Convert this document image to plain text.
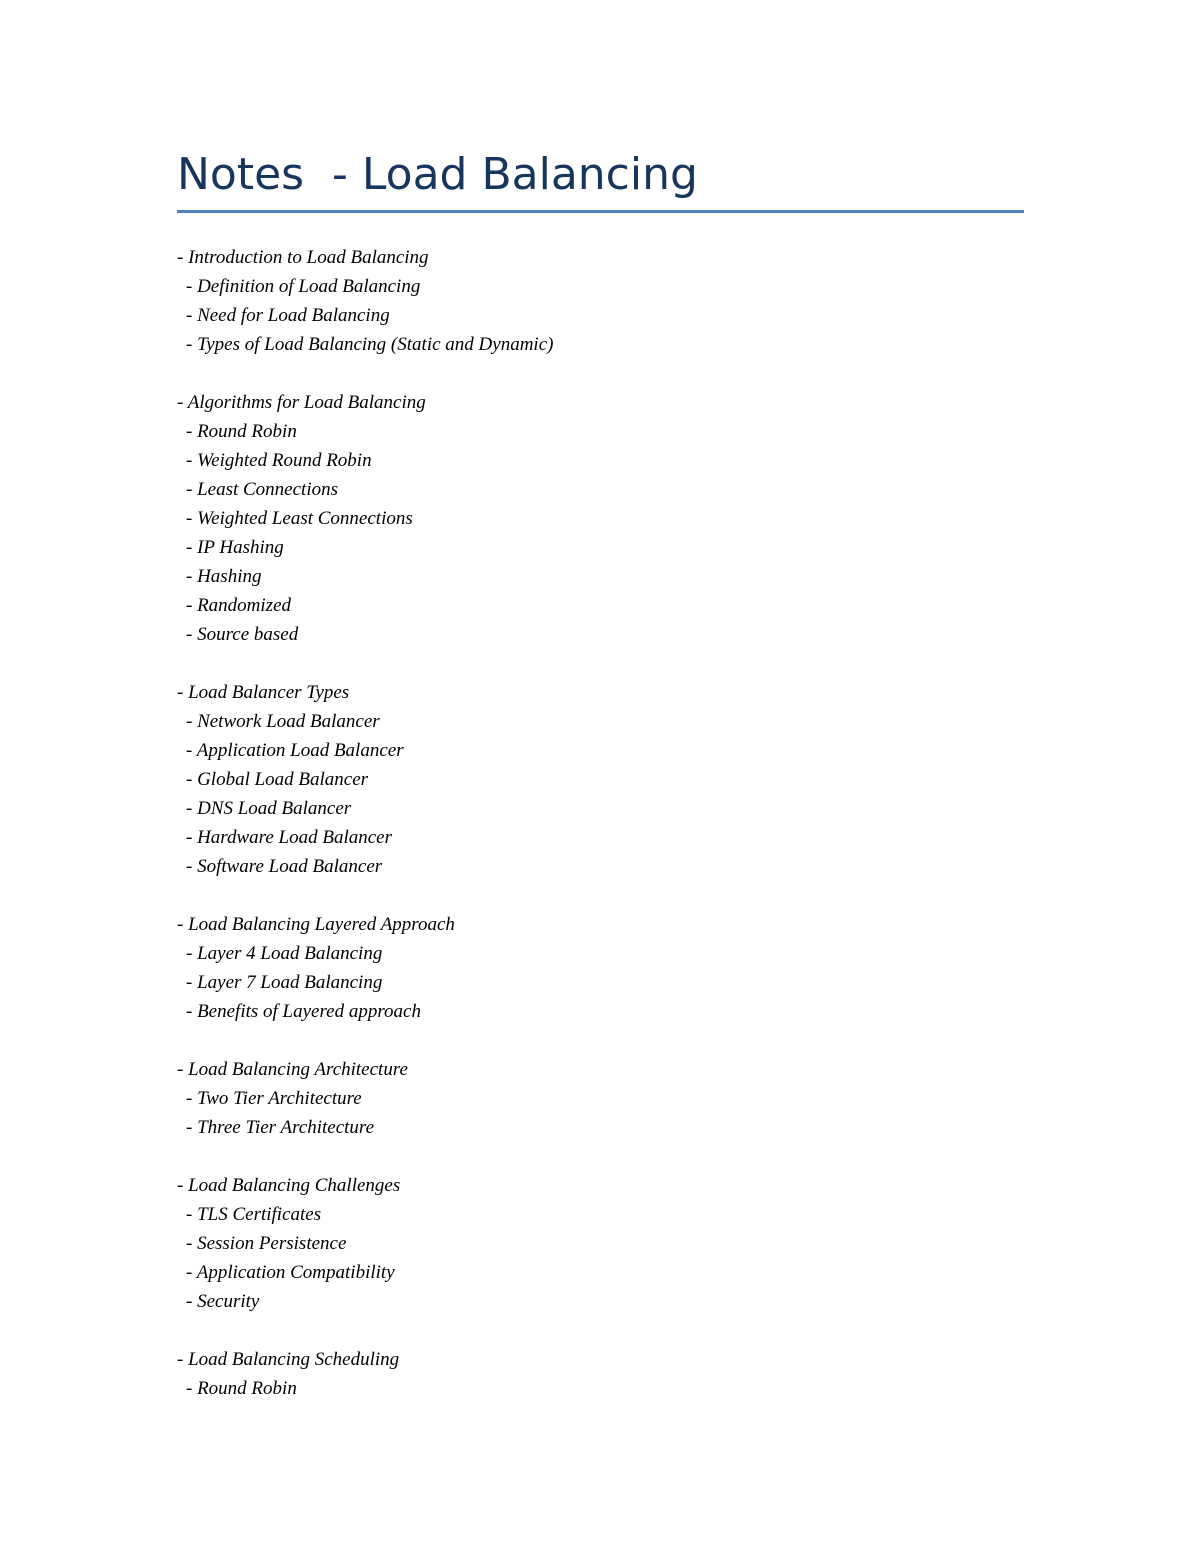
Notes  - Load Balancing
- Introduction to Load Balancing
- Definition of Load Balancing
- Need for Load Balancing
- Types of Load Balancing (Static and Dynamic)
- Algorithms for Load Balancing
- Round Robin
- Weighted Round Robin
- Least Connections
- Weighted Least Connections
- IP Hashing
- Hashing
- Randomized
- Source based
- Load Balancer Types
- Network Load Balancer
- Application Load Balancer
- Global Load Balancer
- DNS Load Balancer
- Hardware Load Balancer
- Software Load Balancer
- Load Balancing Layered Approach
- Layer 4 Load Balancing
- Layer 7 Load Balancing
- Benefits of Layered approach
- Load Balancing Architecture
- Two Tier Architecture
- Three Tier Architecture
- Load Balancing Challenges
- TLS Certificates
- Session Persistence
- Application Compatibility
- Security
- Load Balancing Scheduling
- Round Robin
